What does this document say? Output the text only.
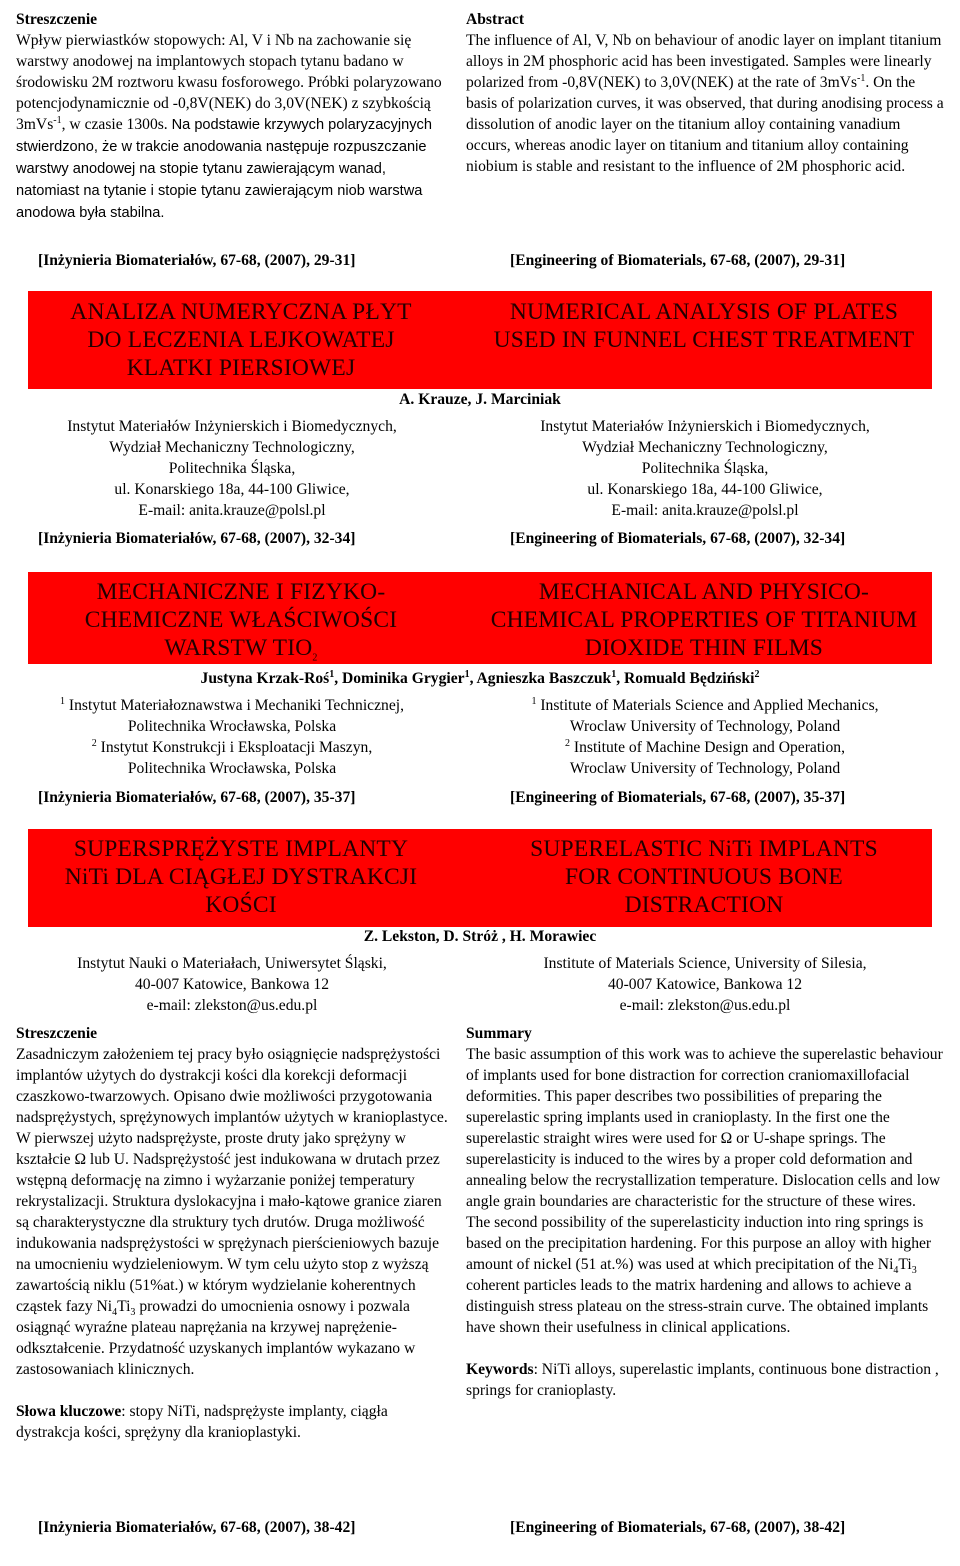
Streszczenie

Wpływ pierwiastków stopowych: Al, V i Nb na zachowanie się warstwy anodowej na implantowych stopach tytanu badano w środowisku 2M roztworu kwasu fosforowego. Próbki polaryzowano potencjodynamicznie od -0,8V(NEK) do 3,0V(NEK) z szybkością 3mVs$^{-1}$, w czasie 1300s. Na podstawie krzywych polaryzacyjnych stwierdzono, że w trakcie anodowania następuje rozpuszczanie warstwy anodowej na stopie tytanu zawierającym wanad, natomiast na tytanie i stopie tytanu zawierającym niob warstwa anodowa była stabilna.

Abstract

The influence of Al, V, Nb on behaviour of anodic layer on implant titanium alloys in 2M phosphoric acid has been investigated. Samples were linearly polarized from -0,8V(NEK) to 3,0V(NEK) at the rate of 3mVs$^{-1}$. On the basis of polarization curves, it was observed, that during anodising process a dissolution of anodic layer on the titanium alloy containing vanadium occurs, whereas anodic layer on titanium and titanium alloy containing niobium is stable and resistant to the influence of 2M phosphoric acid.

[Inżynieria Biomateriałów, 67-68, (2007), 29-31]	[Engineering of Biomaterials, 67-68, (2007), 29-31]
ANALIZA NUMERYCZNA PŁYT
DO LECZENIA LEJKOWATEJ
KLATKI PIERSIOWEJ
NUMERICAL ANALYSIS OF PLATES
USED IN FUNNEL CHEST TREATMENT
A. Krauze, J. Marciniak
Instytut Materiałów Inżynierskich i Biomedycznych,
Wydział Mechaniczny Technologiczny,
Politechnika Śląska,
ul. Konarskiego 18a, 44-100 Gliwice,
E-mail: anita.krauze@polsl.pl
Instytut Materiałów Inżynierskich i Biomedycznych,
Wydział Mechaniczny Technologiczny,
Politechnika Śląska,
ul. Konarskiego 18a, 44-100 Gliwice,
E-mail: anita.krauze@polsl.pl
[Inżynieria Biomateriałów, 67-68, (2007), 32-34]	[Engineering of Biomaterials, 67-68, (2007), 32-34]
MECHANICZNE I FIZYKO-
CHEMICZNE WŁAŚCIWOŚCI
WARSTW $TIO_2$
MECHANICAL AND PHYSICO-
CHEMICAL PROPERTIES OF TITANIUM
DIOXIDE THIN FILMS
Justyna Krzak-Roś$^1$, Dominika Grygier$^1$, Agnieszka Baszczuk$^1$, Romuald Będziński$^2$
$^1$ Instytut Materiałoznawstwa i Mechaniki Technicznej,
Politechnika Wrocławska, Polska
$^2$ Instytut Konstrukcji i Eksploatacji Maszyn,
Politechnika Wrocławska, Polska
$^1$ Institute of Materials Science and Applied Mechanics,
Wroclaw University of Technology, Poland
$^2$ Institute of Machine Design and Operation,
Wroclaw University of Technology, Poland
[Inżynieria Biomateriałów, 67-68, (2007), 35-37]	[Engineering of Biomaterials, 67-68, (2007), 35-37]
SUPERSPRĘŻYSTE IMPLANTY
NiTi DLA CIĄGŁEJ DYSTRAKCJI
KOŚCI
SUPERELASTIC NiTi IMPLANTS
FOR CONTINUOUS BONE
DISTRACTION
Z. Lekston, D. Stróż , H. Morawiec
Instytut Nauki o Materiałach, Uniwersytet Śląski,
40-007 Katowice, Bankowa 12
e-mail: zlekston@us.edu.pl
Institute of Materials Science, University of Silesia,
40-007 Katowice, Bankowa 12
e-mail: zlekston@us.edu.pl

Streszczenie

Zasadniczym założeniem tej pracy było osiągnięcie nadsprężystości implantów użytych do dystrakcji kości dla korekcji deformacji czaszkowo-twarzowych. Opisano dwie możliwości przygotowania nadsprężystych, sprężynowych implantów użytych w kranioplastyce. W pierwszej użyto nadsprężyste, proste druty jako sprężyny w kształcie Ω lub U. Nadsprężystość jest indukowana w drutach przez wstępną deformację na zimno i wyżarzanie poniżej temperatury rekrystalizacji. Struktura dyslokacyjna i mało-kątowe granice ziaren są charakterystyczne dla struktury tych drutów. Druga możliwość indukowania nadsprężystości w sprężynach pierścieniowych bazuje na umocnieniu wydzieleniowym. W tym celu użyto stop z wyższą zawartością niklu (51%at.) w którym wydzielanie koherentnych cząstek fazy $Ni_4Ti_3$ prowadzi do umocnienia osnowy i pozwala osiągnąć wyraźne plateau naprężania na krzywej naprężenie-odkształcenie. Przydatność uzyskanych implantów wykazano w zastosowaniach klinicznych.

Słowa kluczowe: stopy NiTi, nadsprężyste implanty, ciągła dystrakcja kości, sprężyny dla kranioplastyki.

Summary

The basic assumption of this work was to achieve the superelastic behaviour of implants used for bone distraction for correction craniomaxillofacial deformities. This paper describes two possibilities of preparing the superelastic spring implants used in cranioplasty. In the first one the superelastic straight wires were used for Ω or U-shape springs. The superelasticity is induced to the wires by a proper cold deformation and annealing below the recrystallization temperature. Dislocation cells and low angle grain boundaries are characteristic for the structure of these wires.

The second possibility of the superelasticity induction into ring springs is based on the precipitation hardening. For this purpose an alloy with higher amount of nickel (51 at.%) was used at which precipitation of the $Ni_4Ti_3$ coherent particles leads to the matrix hardening and allows to achieve a distinguish stress plateau on the stress-strain curve. The obtained implants have shown their usefulness in clinical applications.

Keywords: NiTi alloys, superelastic implants, continuous bone distraction , springs for cranioplasty.

[Inżynieria Biomateriałów, 67-68, (2007), 38-42]	[Engineering of Biomaterials, 67-68, (2007), 38-42]
